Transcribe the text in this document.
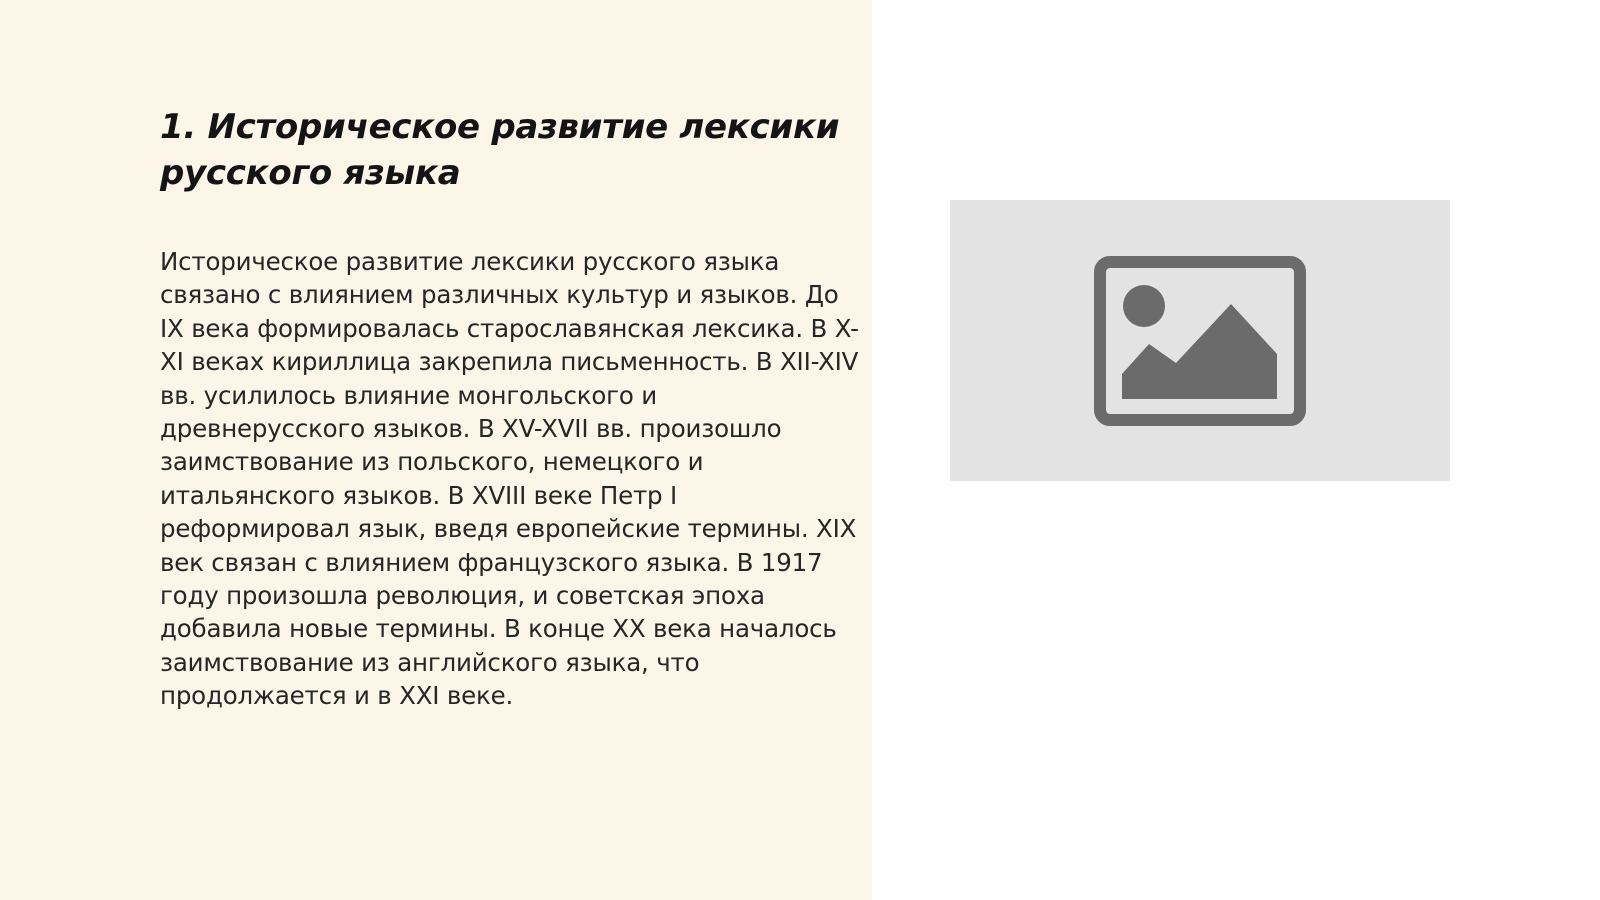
1. Историческое развитие лексики русского языка

Историческое развитие лексики русского языка связано с влиянием различных культур и языков. До IX века формировалась старославянская лексика. В X-XI веках кириллица закрепила письменность. В XII-XIV вв. усилилось влияние монгольского и древнерусского языков. В XV-XVII вв. произошло заимствование из польского, немецкого и итальянского языков. В XVIII веке Петр I реформировал язык, введя европейские термины. XIX век связан с влиянием французского языка. В 1917 году произошла революция, и советская эпоха добавила новые термины. В конце XX века началось заимствование из английского языка, что продолжается и в XXI веке.
